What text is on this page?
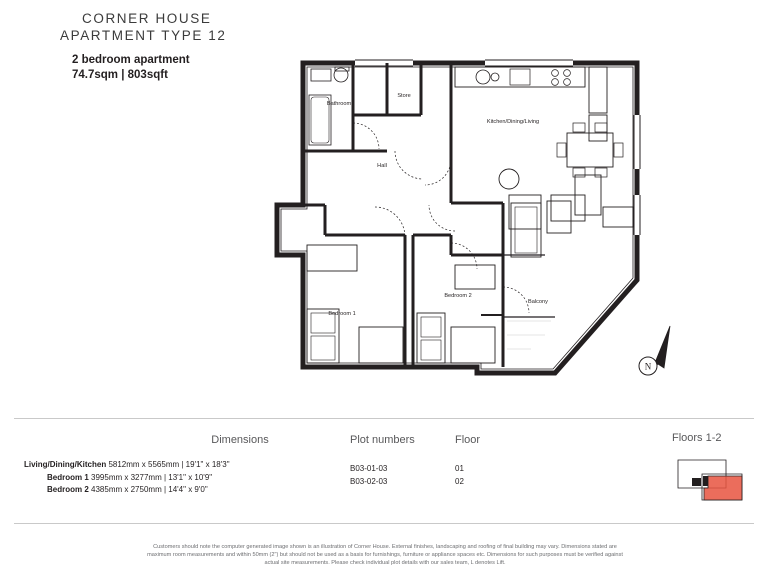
CORNER HOUSE
APARTMENT TYPE 12
2 bedroom apartment
74.7sqm | 803sqft
Bathroom
Store
Kitchen/Dining/Living
Hall
Bedroom 1
Bedroom 2
Balcony
N
Dimensions
Living/Dining/Kitchen 5812mm x 5565mm | 19'1" x 18'3"
Bedroom 1 3995mm x 3277mm | 13'1" x 10'9"
Bedroom 2 4385mm x 2750mm | 14'4" x 9'0"
Plot numbers
B03-01-03
B03-02-03
Floor
01
02
Floors 1-2
Customers should note the computer generated image shown is an illustration of Corner House. External finishes, landscaping and roofing of final building may vary. Dimensions stated are
maximum room measurements and within 50mm (2") but should not be used as a basis for furnishings, furniture or appliance spaces etc. Dimensions for such purposes must be verified against
actual site measurements. Please check individual plot details with our sales team, L denotes Lift.
